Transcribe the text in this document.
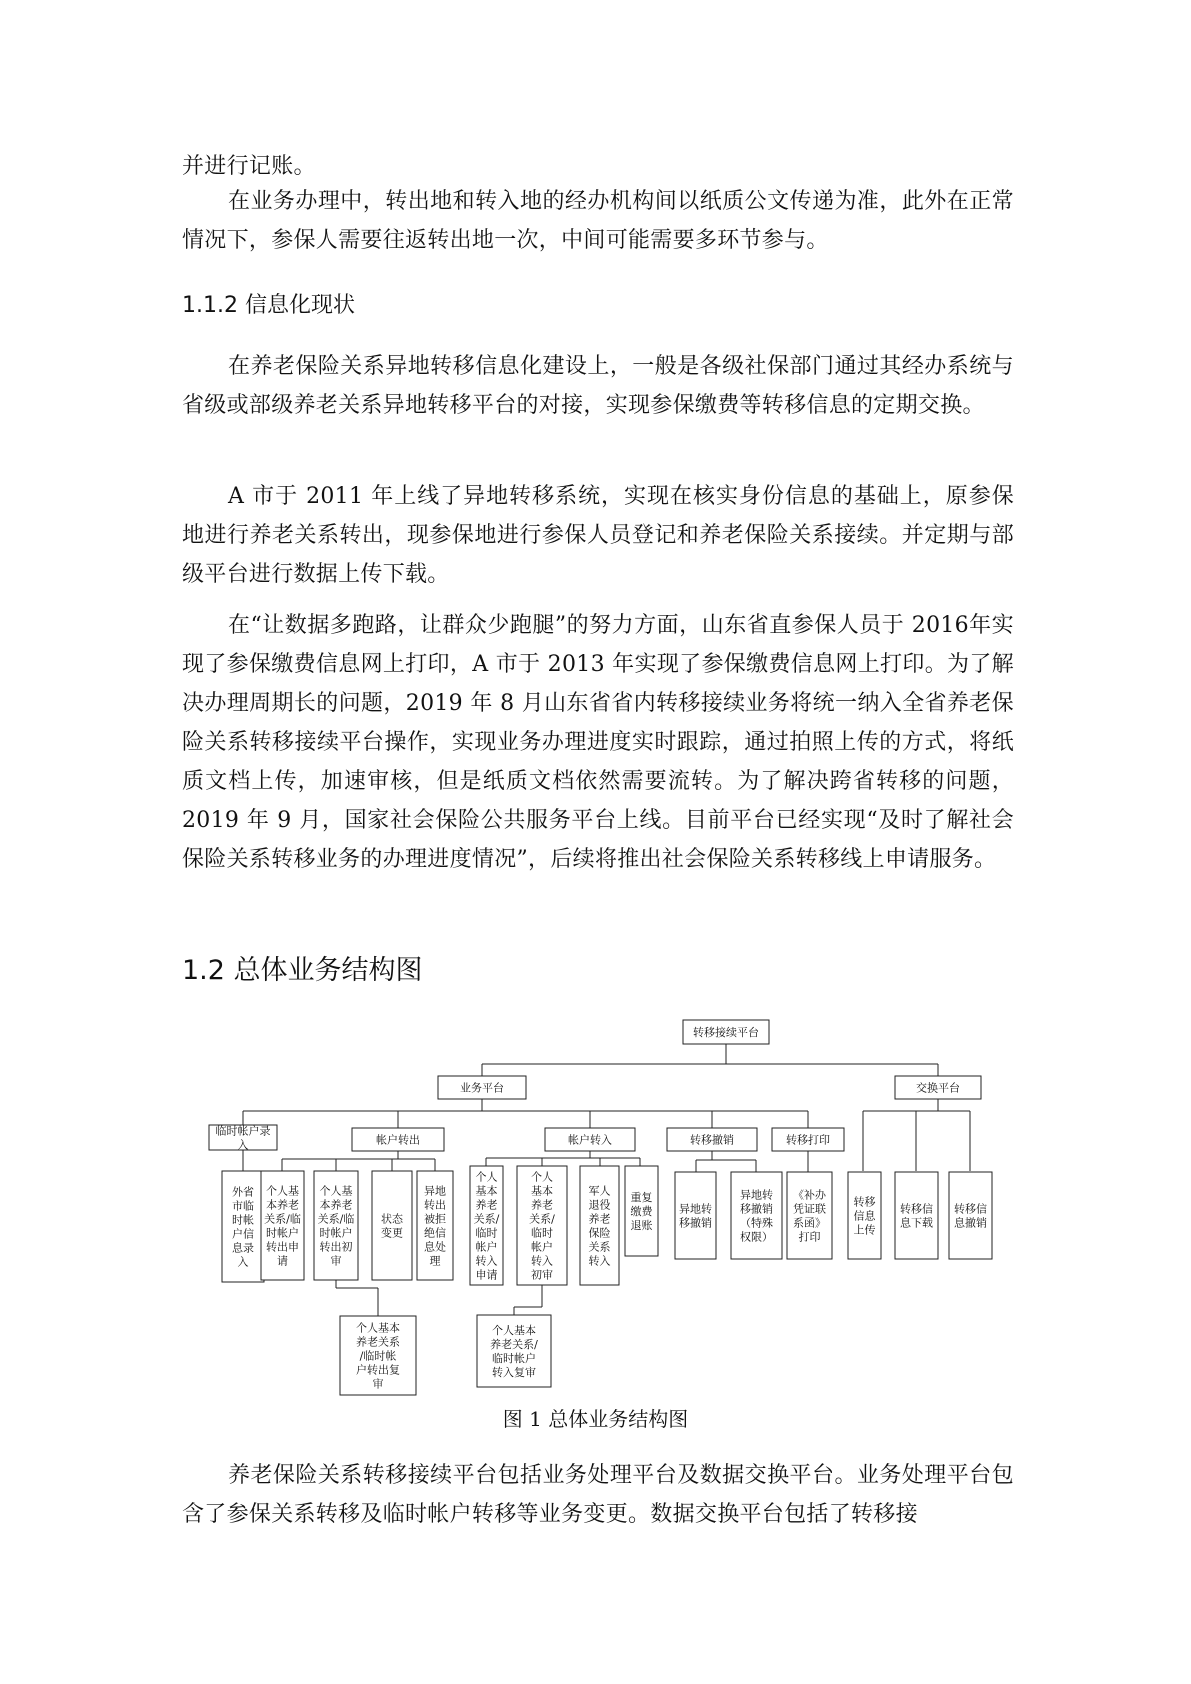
并进行记账。

在业务办理中，转出地和转入地的经办机构间以纸质公文传递为准，此外在正常情况下，参保人需要往返转出地一次，中间可能需要多环节参与。

1.1.2 信息化现状

在养老保险关系异地转移信息化建设上，一般是各级社保部门通过其经办系统与省级或部级养老关系异地转移平台的对接，实现参保缴费等转移信息的定期交换。

A 市于 2011 年上线了异地转移系统，实现在核实身份信息的基础上，原参保地进行养老关系转出，现参保地进行参保人员登记和养老保险关系接续。并定期与部级平台进行数据上传下载。

在“让数据多跑路，让群众少跑腿”的努力方面，山东省直参保人员于 2016年实现了参保缴费信息网上打印，A 市于 2013 年实现了参保缴费信息网上打印。为了解决办理周期长的问题，2019 年 8 月山东省省内转移接续业务将统一纳入全省养老保险关系转移接续平台操作，实现业务办理进度实时跟踪，通过拍照上传的方式，将纸质文档上传，加速审核，但是纸质文档依然需要流转。为了解决跨省转移的问题，2019 年 9 月，国家社会保险公共服务平台上线。目前平台已经实现“及时了解社会保险关系转移业务的办理进度情况”，后续将推出社会保险关系转移线上申请服务。

1.2 总体业务结构图
转移接续平台
业务平台	交换平台
临时帐户录
入	帐户转出	帐户转入	转移撤销	转移打印
外省
市临
时帐
户信
息录
入
个人基
本养老
关系/临
时帐户
转出申
请
个人基
本养老
关系/临
时帐户
转出初
审
状态
变更
异地
转出
被拒
绝信
息处
理
个人基本
养老关系
/临时帐
户转出复
审
个人
基本
养老
关系/
临时
帐户
转入
申请
个人
基本
养老
关系/
临时
帐户
转入
初审
军人
退役
养老
保险
关系
转入
重复
缴费
退账
个人基本
养老关系/
临时帐户
转入复审
异地转
移撤销
异地转
移撤销
（特殊
权限）
《补办
凭证联
系函》
打印
转移
信息
上传
转移信
息下载
转移信
息撤销

图 1 总体业务结构图

养老保险关系转移接续平台包括业务处理平台及数据交换平台。业务处理平台包含了参保关系转移及临时帐户转移等业务变更。数据交换平台包括了转移接
